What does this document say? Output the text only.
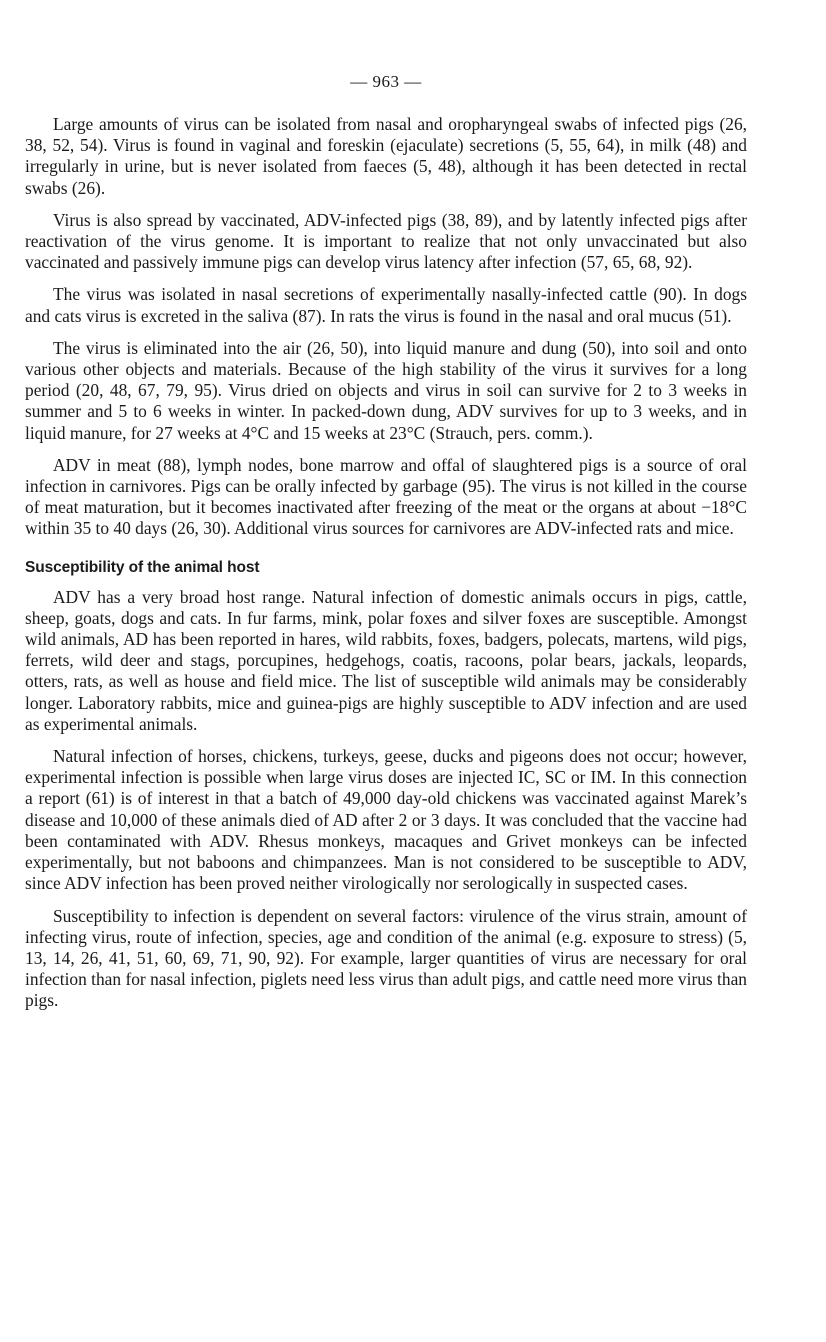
— 963 —

Large amounts of virus can be isolated from nasal and oropharyngeal swabs of infected pigs (26, 38, 52, 54). Virus is found in vaginal and foreskin (ejaculate) secretions (5, 55, 64), in milk (48) and irregularly in urine, but is never isolated from faeces (5, 48), although it has been detected in rectal swabs (26).

Virus is also spread by vaccinated, ADV-infected pigs (38, 89), and by latently infected pigs after reactivation of the virus genome. It is important to realize that not only unvaccinated but also vaccinated and passively immune pigs can develop virus latency after infection (57, 65, 68, 92).

The virus was isolated in nasal secretions of experimentally nasally-infected cattle (90). In dogs and cats virus is excreted in the saliva (87). In rats the virus is found in the nasal and oral mucus (51).

The virus is eliminated into the air (26, 50), into liquid manure and dung (50), into soil and onto various other objects and materials. Because of the high stability of the virus it survives for a long period (20, 48, 67, 79, 95). Virus dried on objects and virus in soil can survive for 2 to 3 weeks in summer and 5 to 6 weeks in winter. In packed-down dung, ADV survives for up to 3 weeks, and in liquid manure, for 27 weeks at 4°C and 15 weeks at 23°C (Strauch, pers. comm.).

ADV in meat (88), lymph nodes, bone marrow and offal of slaughtered pigs is a source of oral infection in carnivores. Pigs can be orally infected by garbage (95). The virus is not killed in the course of meat maturation, but it becomes inactivated after freezing of the meat or the organs at about −18°C within 35 to 40 days (26, 30). Additional virus sources for carnivores are ADV-infected rats and mice.

Susceptibility of the animal host

ADV has a very broad host range. Natural infection of domestic animals occurs in pigs, cattle, sheep, goats, dogs and cats. In fur farms, mink, polar foxes and silver foxes are susceptible. Amongst wild animals, AD has been reported in hares, wild rabbits, foxes, badgers, polecats, martens, wild pigs, ferrets, wild deer and stags, porcupines, hedgehogs, coatis, racoons, polar bears, jackals, leopards, otters, rats, as well as house and field mice. The list of susceptible wild animals may be considerably longer. Laboratory rabbits, mice and guinea-pigs are highly susceptible to ADV infection and are used as experimental animals.

Natural infection of horses, chickens, turkeys, geese, ducks and pigeons does not occur; however, experimental infection is possible when large virus doses are injected IC, SC or IM. In this connection a report (61) is of interest in that a batch of 49,000 day-old chickens was vaccinated against Marek’s disease and 10,000 of these animals died of AD after 2 or 3 days. It was concluded that the vaccine had been contaminated with ADV. Rhesus monkeys, macaques and Grivet monkeys can be infected experimentally, but not baboons and chimpanzees. Man is not considered to be susceptible to ADV, since ADV infection has been proved neither virologically nor serologically in suspected cases.

Susceptibility to infection is dependent on several factors: virulence of the virus strain, amount of infecting virus, route of infection, species, age and condition of the animal (e.g. exposure to stress) (5, 13, 14, 26, 41, 51, 60, 69, 71, 90, 92). For example, larger quantities of virus are necessary for oral infection than for nasal infection, piglets need less virus than adult pigs, and cattle need more virus than pigs.
